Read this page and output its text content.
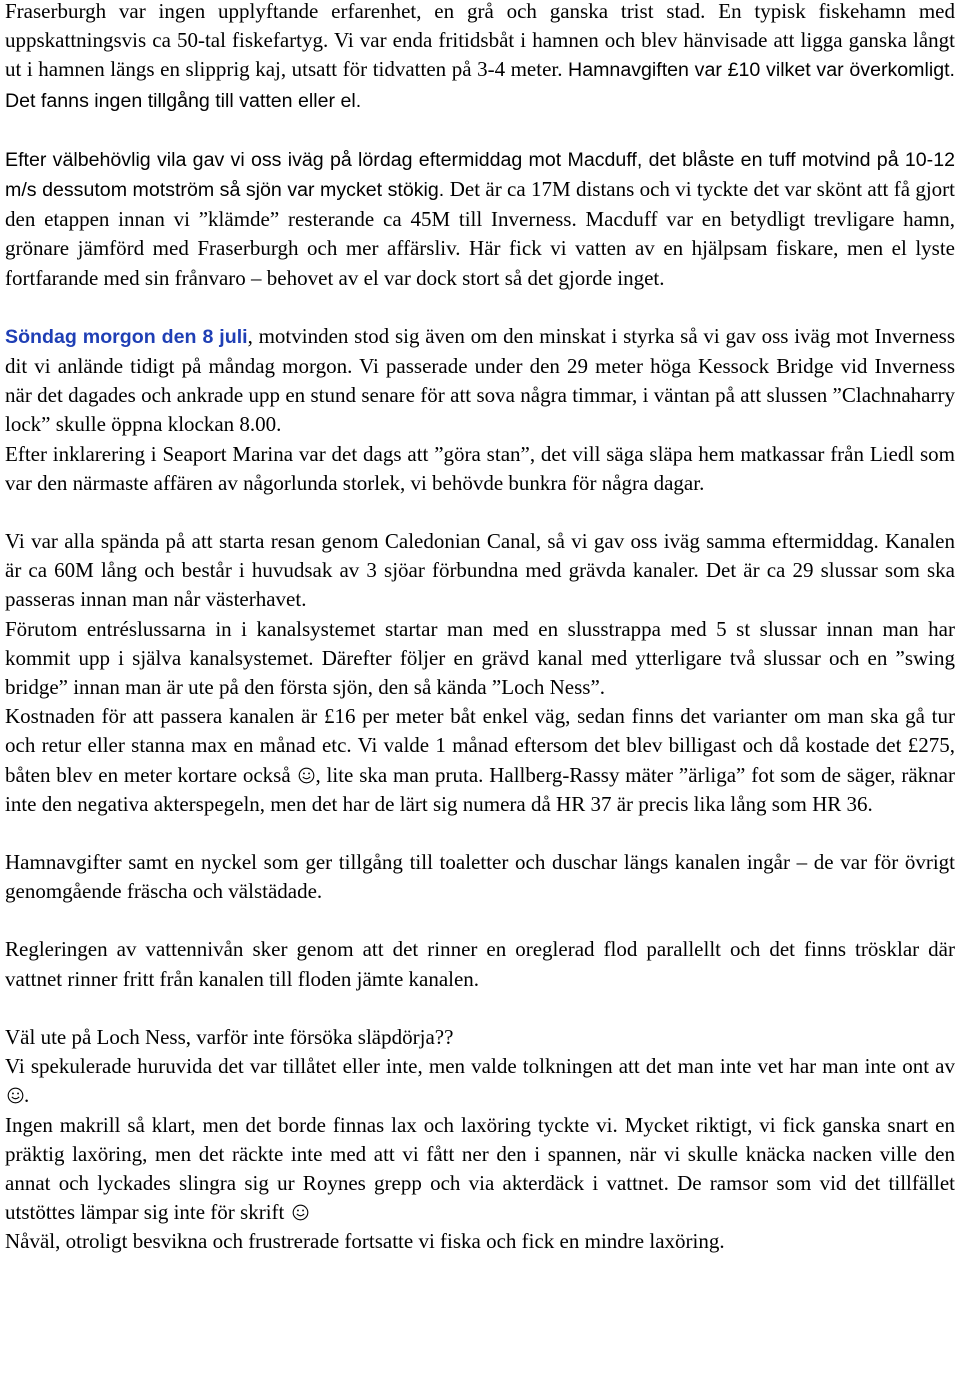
Fraserburgh var ingen upplyftande erfarenhet, en grå och ganska trist stad. En typisk fiskehamn med uppskattningsvis ca 50-tal fiskefartyg. Vi var enda fritidsbåt i hamnen och blev hänvisade att ligga ganska långt ut i hamnen längs en slipprig kaj, utsatt för tidvatten på 3-4 meter. Hamnavgiften var £10 vilket var överkomligt. Det fanns ingen tillgång till vatten eller el.

Efter välbehövlig vila gav vi oss iväg på lördag eftermiddag mot Macduff, det blåste en tuff motvind på 10-12 m/s dessutom motström så sjön var mycket stökig. Det är ca 17M distans och vi tyckte det var skönt att få gjort den etappen innan vi ”klämde” resterande ca 45M till Inverness. Macduff var en betydligt trevligare hamn, grönare jämförd med Fraserburgh och mer affärsliv. Här fick vi vatten av en hjälpsam fiskare, men el lyste fortfarande med sin frånvaro – behovet av el var dock stort så det gjorde inget.

Söndag morgon den 8 juli, motvinden stod sig även om den minskat i styrka så vi gav oss iväg mot Inverness dit vi anlände tidigt på måndag morgon. Vi passerade under den 29 meter höga Kessock Bridge vid Inverness när det dagades och ankrade upp en stund senare för att sova några timmar, i väntan på att slussen ”Clachnaharry lock” skulle öppna klockan 8.00.

Efter inklarering i Seaport Marina var det dags att ”göra stan”, det vill säga släpa hem matkassar från Liedl som var den närmaste affären av någorlunda storlek, vi behövde bunkra för några dagar.

Vi var alla spända på att starta resan genom Caledonian Canal, så vi gav oss iväg samma eftermiddag. Kanalen är ca 60M lång och består i huvudsak av 3 sjöar förbundna med grävda kanaler. Det är ca 29 slussar som ska passeras innan man når västerhavet.

Förutom entréslussarna in i kanalsystemet startar man med en slusstrappa med 5 st slussar innan man har kommit upp i själva kanalsystemet. Därefter följer en grävd kanal med ytterligare två slussar och en ”swing bridge” innan man är ute på den första sjön, den så kända ”Loch Ness”.

Kostnaden för att passera kanalen är £16 per meter båt enkel väg, sedan finns det varianter om man ska gå tur och retur eller stanna max en månad etc. Vi valde 1 månad eftersom det blev billigast och då kostade det £275, båten blev en meter kortare också , lite ska man pruta. Hallberg-Rassy mäter ”ärliga” fot som de säger, räknar inte den negativa akterspegeln, men det har de lärt sig numera då HR 37 är precis lika lång som HR 36.

Hamnavgifter samt en nyckel som ger tillgång till toaletter och duschar längs kanalen ingår – de var för övrigt genomgående fräscha och välstädade.

Regleringen av vattennivån sker genom att det rinner en oreglerad flod parallellt och det finns trösklar där vattnet rinner fritt från kanalen till floden jämte kanalen.

Väl ute på Loch Ness, varför inte försöka släpdörja??

Vi spekulerade huruvida det var tillåtet eller inte, men valde tolkningen att det man inte vet har man inte ont av .

Ingen makrill så klart, men det borde finnas lax och laxöring tyckte vi. Mycket riktigt, vi fick ganska snart en präktig laxöring, men det räckte inte med att vi fått ner den i spannen, när vi skulle knäcka nacken ville den annat och lyckades slingra sig ur Roynes grepp och via akterdäck i vattnet. De ramsor som vid det tillfället utstöttes lämpar sig inte för skrift

Nåväl, otroligt besvikna och frustrerade fortsatte vi fiska och fick en mindre laxöring.
